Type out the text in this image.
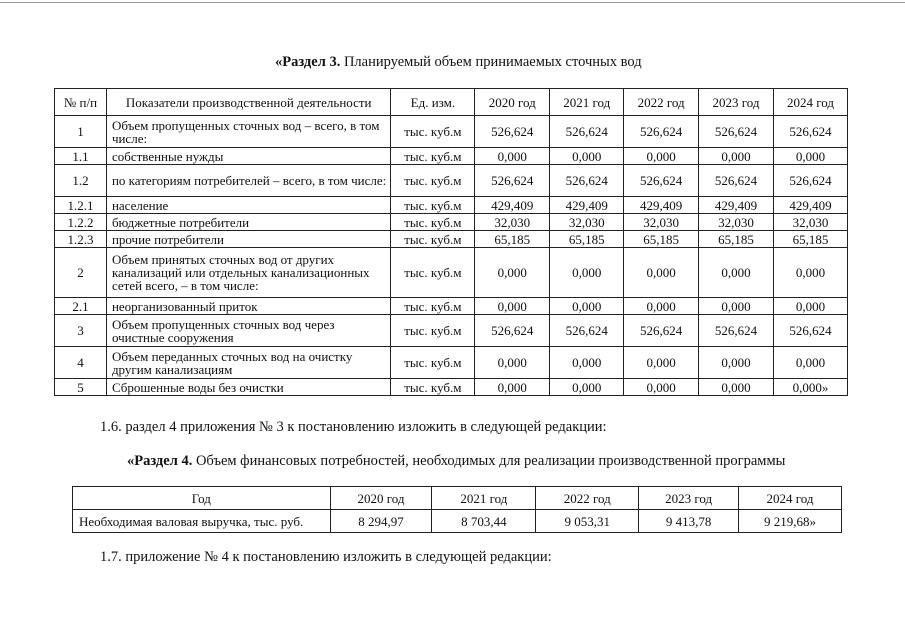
«Раздел 3. Планируемый объем принимаемых сточных вод
№ п/п	Показатели производственной деятельности	Ед. изм.	2020 год	2021 год	2022 год	2023 год	2024 год
1	Объем пропущенных сточных вод – всего, в том числе:	тыс. куб.м	526,624	526,624	526,624	526,624	526,624
1.1	собственные нужды	тыс. куб.м	0,000	0,000	0,000	0,000	0,000
1.2	по категориям потребителей – всего, в том числе:	тыс. куб.м	526,624	526,624	526,624	526,624	526,624
1.2.1	население	тыс. куб.м	429,409	429,409	429,409	429,409	429,409
1.2.2	бюджетные потребители	тыс. куб.м	32,030	32,030	32,030	32,030	32,030
1.2.3	прочие потребители	тыс. куб.м	65,185	65,185	65,185	65,185	65,185
2	Объем принятых сточных вод от других канализаций или отдельных канализационных сетей всего, – в том числе:	тыс. куб.м	0,000	0,000	0,000	0,000	0,000
2.1	неорганизованный приток	тыс. куб.м	0,000	0,000	0,000	0,000	0,000
3	Объем пропущенных сточных вод через очистные сооружения	тыс. куб.м	526,624	526,624	526,624	526,624	526,624
4	Объем переданных сточных вод на очистку другим канализациям	тыс. куб.м	0,000	0,000	0,000	0,000	0,000
5	Сброшенные воды без очистки	тыс. куб.м	0,000	0,000	0,000	0,000	0,000»
1.6. раздел 4 приложения № 3 к постановлению изложить в следующей редакции:
«Раздел 4. Объем финансовых потребностей, необходимых для реализации производственной программы
Год	2020 год	2021 год	2022 год	2023 год	2024 год
Необходимая валовая выручка, тыс. руб.	8 294,97	8 703,44	9 053,31	9 413,78	9 219,68»
1.7. приложение № 4 к постановлению изложить в следующей редакции:
